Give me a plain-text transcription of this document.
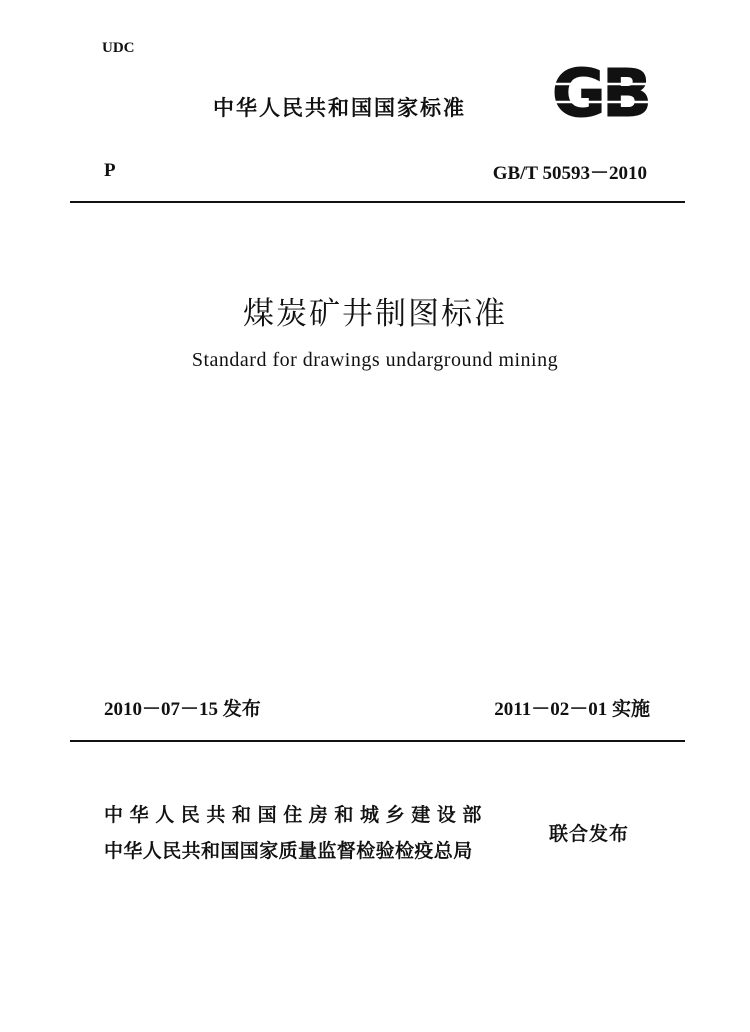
UDC
中华人民共和国国家标准 GB
P	GB/T 50593－2010
煤炭矿井制图标准
Standard for drawings undarground mining
2010－07－15 发布	2011－02－01 实施
中华人民共和国住房和城乡建设部
中华人民共和国国家质量监督检验检疫总局
联合发布
